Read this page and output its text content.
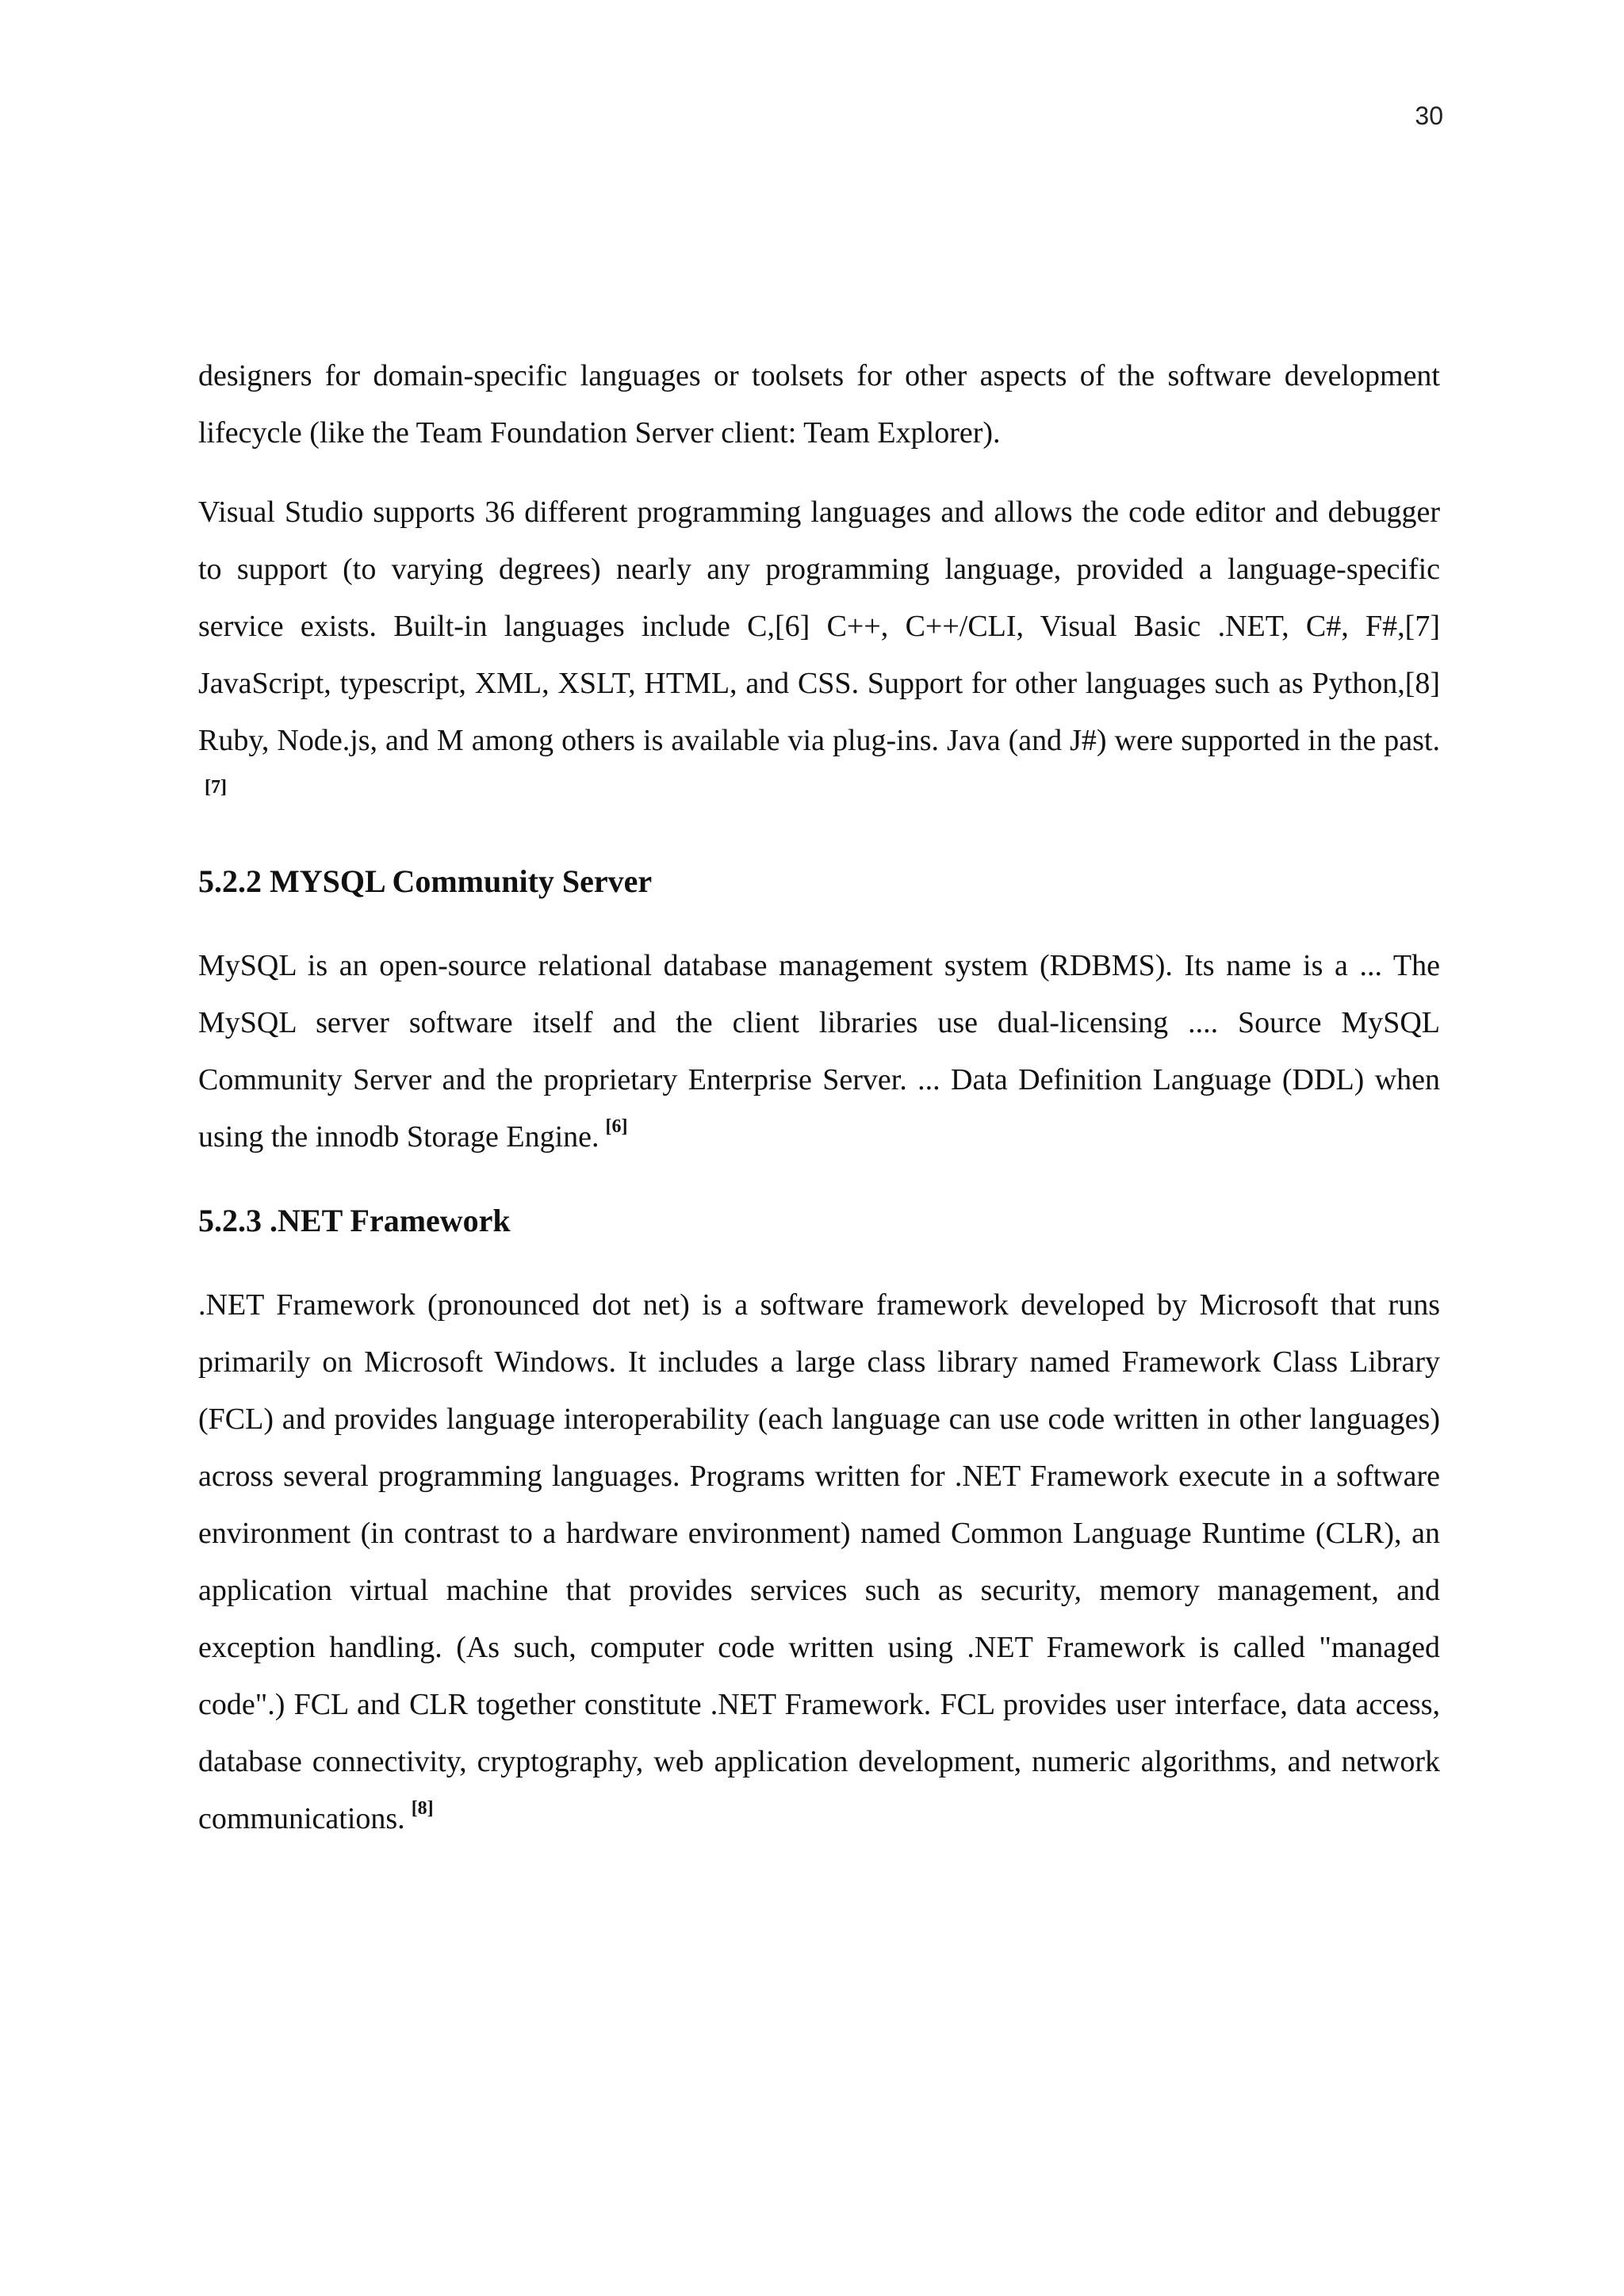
30

designers for domain-specific languages or toolsets for other aspects of the software development lifecycle (like the Team Foundation Server client: Team Explorer).

Visual Studio supports 36 different programming languages and allows the code editor and debugger to support (to varying degrees) nearly any programming language, provided a language-specific service exists. Built-in languages include C,[6] C++, C++/CLI, Visual Basic .NET, C#, F#,[7] JavaScript, typescript, XML, XSLT, HTML, and CSS. Support for other languages such as Python,[8] Ruby, Node.js, and M among others is available via plug-ins. Java (and J#) were supported in the past.[7]

5.2.2 MYSQL Community Server

MySQL is an open-source relational database management system (RDBMS). Its name is a ... The MySQL server software itself and the client libraries use dual-licensing .... Source MySQL Community Server and the proprietary Enterprise Server. ... Data Definition Language (DDL) when using the innodb Storage Engine. [6]

5.2.3 .NET Framework

.NET Framework (pronounced dot net) is a software framework developed by Microsoft that runs primarily on Microsoft Windows. It includes a large class library named Framework Class Library (FCL) and provides language interoperability (each language can use code written in other languages) across several programming languages. Programs written for .NET Framework execute in a software environment (in contrast to a hardware environment) named Common Language Runtime (CLR), an application virtual machine that provides services such as security, memory management, and exception handling. (As such, computer code written using .NET Framework is called "managed code".) FCL and CLR together constitute .NET Framework. FCL provides user interface, data access, database connectivity, cryptography, web application development, numeric algorithms, and network communications. [8]
